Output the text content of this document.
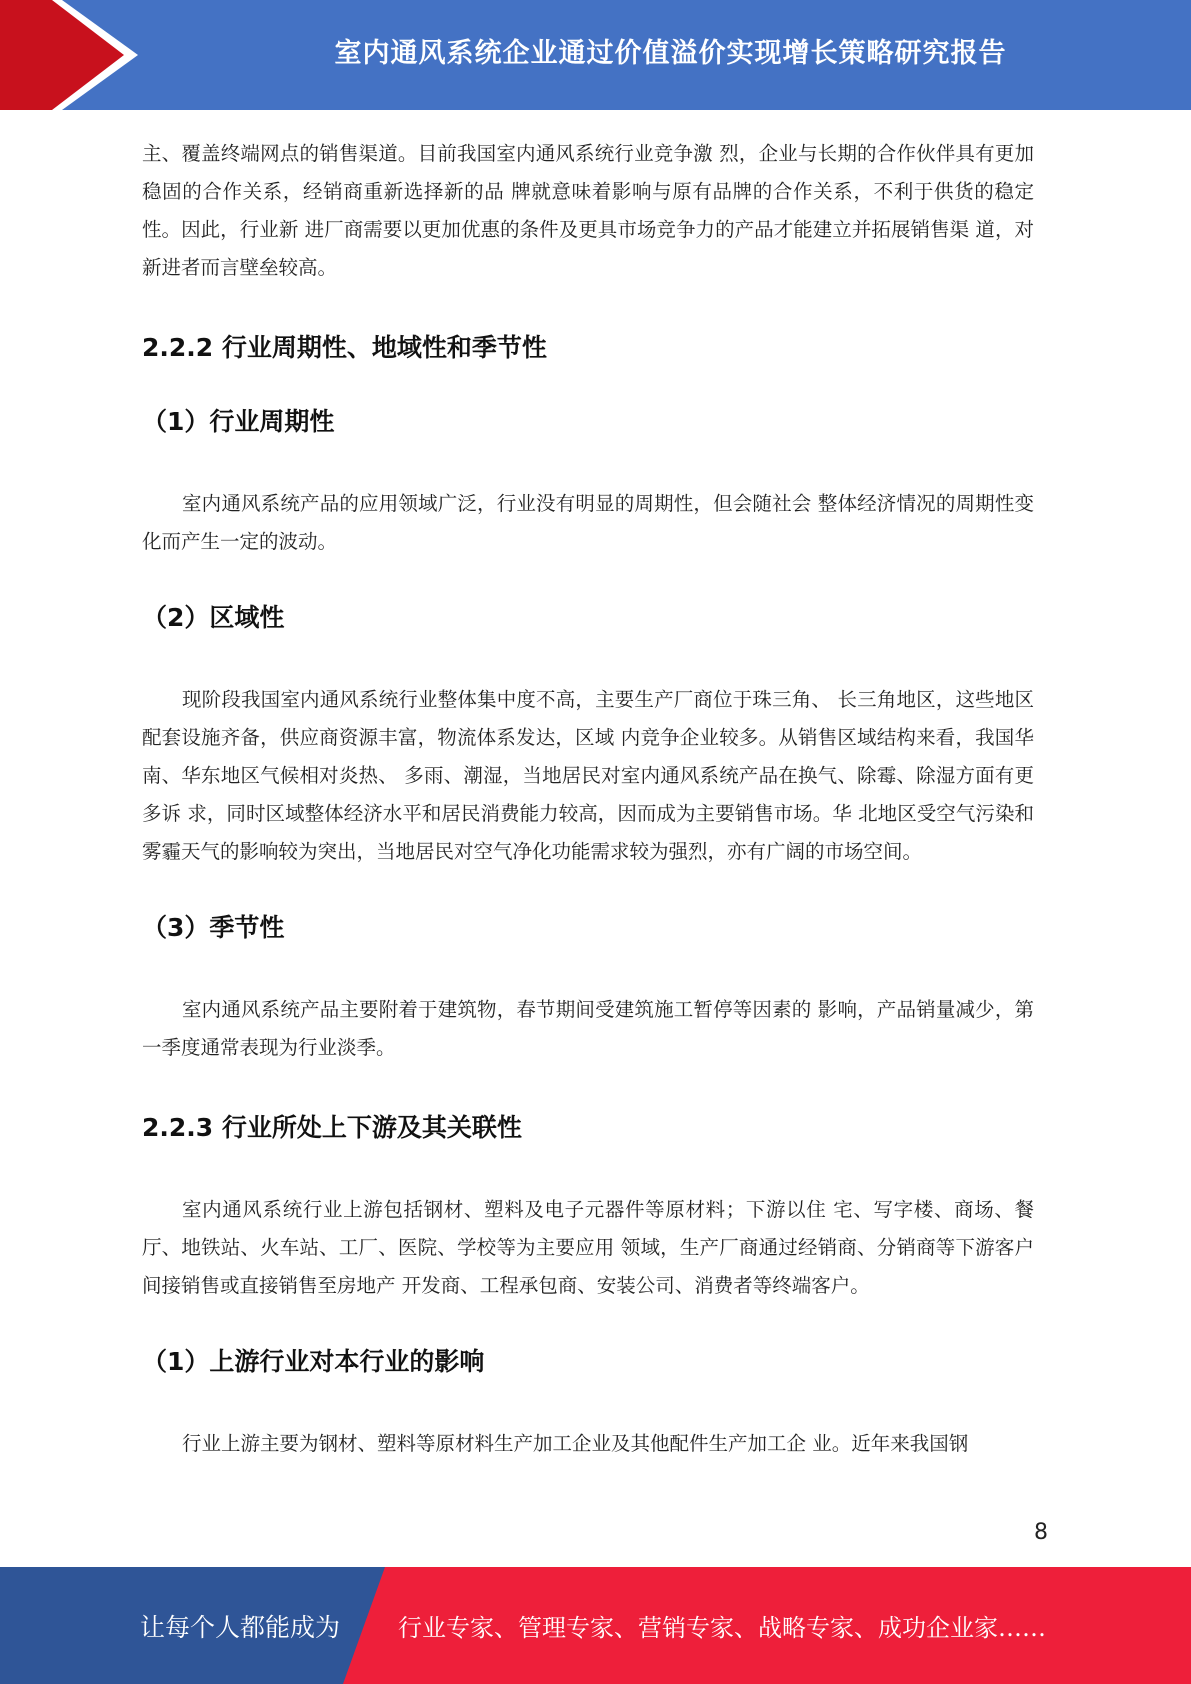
室内通风系统企业通过价值溢价实现增长策略研究报告

主、覆盖终端网点的销售渠道。目前我国室内通风系统行业竞争激 烈，企业与长期的合作伙伴具有更加稳固的合作关系，经销商重新选择新的品 牌就意味着影响与原有品牌的合作关系，不利于供货的稳定性。因此，行业新 进厂商需要以更加优惠的条件及更具市场竞争力的产品才能建立并拓展销售渠 道，对新进者而言壁垒较高。

2.2.2 行业周期性、地域性和季节性
（1）行业周期性

室内通风系统产品的应用领域广泛，行业没有明显的周期性，但会随社会 整体经济情况的周期性变化而产生一定的波动。

（2）区域性

现阶段我国室内通风系统行业整体集中度不高，主要生产厂商位于珠三角、 长三角地区，这些地区配套设施齐备，供应商资源丰富，物流体系发达，区域 内竞争企业较多。从销售区域结构来看，我国华南、华东地区气候相对炎热、 多雨、潮湿，当地居民对室内通风系统产品在换气、除霉、除湿方面有更多诉 求，同时区域整体经济水平和居民消费能力较高，因而成为主要销售市场。华 北地区受空气污染和雾霾天气的影响较为突出，当地居民对空气净化功能需求较为强烈，亦有广阔的市场空间。

（3）季节性

室内通风系统产品主要附着于建筑物，春节期间受建筑施工暂停等因素的 影响，产品销量减少，第一季度通常表现为行业淡季。

2.2.3 行业所处上下游及其关联性

室内通风系统行业上游包括钢材、塑料及电子元器件等原材料；下游以住 宅、写字楼、商场、餐厅、地铁站、火车站、工厂、医院、学校等为主要应用 领域，生产厂商通过经销商、分销商等下游客户间接销售或直接销售至房地产 开发商、工程承包商、安装公司、消费者等终端客户。

（1）上游行业对本行业的影响

行业上游主要为钢材、塑料等原材料生产加工企业及其他配件生产加工企 业。近年来我国钢

8
让每个人都能成为 行业专家、管理专家、营销专家、战略专家、成功企业家……
